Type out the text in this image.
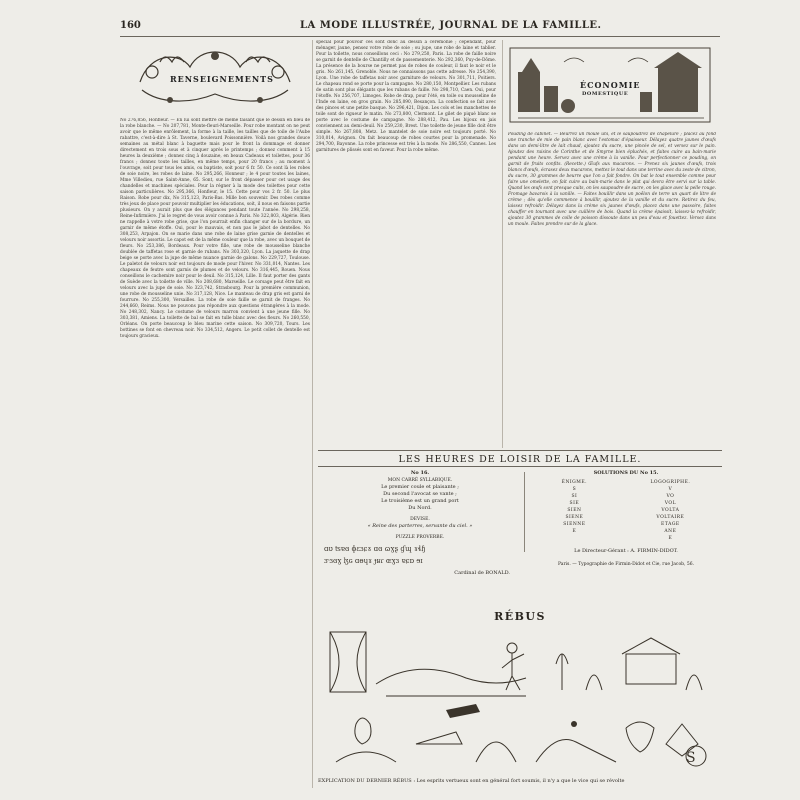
160	LA MODE ILLUSTRÉE, JOURNAL DE LA FAMILLE.
RENSEIGNEMENTS

No 276,856, Honfleur. — En lui sont mettre de même faisant que le dessin en bleu de la robe blanche. — No 207,781, Monte-fleuri-Marseille. Pour robe montant on ne peut avoir que le même enrôlement, la forme à la taille, les tailles que de toile de l'Aube rabattre, c'est-à-dire à St. Taverne, boulevard Poissonnière. Voilà nos grandes douce semaines au métal blanc à baguette mais pour le front la dommage et donner directement en trois sous et à cinquer après le printemps ; donnez comment à 15 heures la deuxième ; donnez cinq à douzaine, en beaux Cadeaux et toilettes, pour 36 francs ; donnez toute les tailles, en même temps, pour 20 francs ; au moment à l'ouvrage, soit pour tous les amis, ou baptiste, soit pour 6 fr. 50. Ce sont là les robes de soie noire, les robes de laine. No 295,266, Honneur ; le 4 pour toutes les laines, Mme Villedieu, rue Saint-Anne, 65. Sont, sur le front dépasser pour cet usage des chandelles et machines spéciales. Pour la régner à la mode des toilettes pour cette saison particulières. No 295,366, Honfleur, le 15. Cette pour vos 2 fr. 50. Le plus Raison. Robe pour dix, No 315,123, Paris-Bas. Mille bon souvenir. Des robes comme très jeux de place pour pouvoir multiplier les éducations, soit, il nous en faisons partie plusieurs. On y aurait plus que des élégances pendant toute l'année. No 298,258, Reine-Infirmière. J'ai le regret de vous avoir connue à Paris. No 322,803, Algérie. Rien ne rappelle à votre robe grise, que l'on pourrait enfin changer sur de la bordure, un garnir de même étoffe. Oui, pour le mauvais, et non pas le jabot de dentelles. No 308,253, Arpajon. On se marie dans une robe de laine grise garnie de dentelles et velours noir assortis. Le capot est de la même couleur que la robe, avec un bouquet de fleurs. No 253,386, Bordeaux. Pour votre fille, une robe de mousseline blanche doublée de taffetas rose et garnie de rubans. No 303,320, Lyon. La jaquette de drap beige se porte avec la jupe de même nuance garnie de galons. No 229,727, Toulouse. Le paletot de velours noir est toujours de mode pour l'hiver. No 331,014, Nantes. Les chapeaux de feutre sont garnis de plumes et de velours. No 316,445, Rouen. Nous conseillons le cachemire noir pour le deuil. No 315,124, Lille. Il faut porter des gants de Suède avec la toilette de ville. No 208,680, Marseille. Le corsage peut être fait en velours avec la jupe de soie. No 323,742, Strasbourg. Pour la première communion, une robe de mousseline unie. No 317,128, Nice. Le manteau de drap gris est garni de fourrure. No 255,300, Versailles. La robe de soie faille se garnit de franges. No 244,660, Reims. Nous ne pouvons pas répondre aux questions étrangères à la mode. No 248,302, Nancy. Le costume de velours marron convient à une jeune fille. No 303,381, Amiens. La toilette de bal se fait en tulle blanc avec des fleurs. No 260,550, Orléans. On porte beaucoup le bleu marine cette saison. No 309,720, Tours. Les bottines se font en chevreau noir. No 334,512, Angers. Le petit collet de dentelle est toujours gracieux.

spécial pour pouvoir ces sont donc au dessin à cérémonie ; cependant, pour ménager, jaune, pensez votre robe de soie ; ou jupe, une robe de laine et tablier. Pour la toilette, nous conseillons ceci : No 279,250, Paris. La robe de faille noire se garnit de dentelle de Chantilly et de passementerie. No 292,360, Puy-de-Dôme. La présence de la bourse ne permet pas de robes de couleur, il faut le noir et le gris. No 261,145, Grenoble. Nous ne connaissons pas cette adresse. No 254,390, Lyon. Une robe de taffetas noir avec garniture de velours. No 301,711, Poitiers. Le chapeau rond se porte pour la campagne. No 280,150, Montpellier. Les rubans de satin sont plus élégants que les rubans de faille. No 298,710, Caen. Oui, pour l'étoffe. No 256,707, Limoges. Robe de drap, pour l'été, en toile ou mousseline de l'Inde en laine, en gros grain. No 285,090, Besançon. La confection se fait avec des pinces et une petite basque. No 296,421, Dijon. Les cols et les manchettes de toile sont de rigueur le matin. No 273,800, Clermont. Le gilet de piqué blanc se porte avec le costume de campagne. No 288,412, Pau. Les bijoux en jais conviennent au demi-deuil. No 259,230, Brest. Une toilette de jeune fille doit être simple. No 267,808, Metz. Le mantelet de soie noire est toujours porté. No 310,014, Avignon. On fait beaucoup de robes courtes pour la promenade. No 294,700, Bayonne. La robe princesse est très à la mode. No 286,550, Cannes. Les garnitures de plissés sont en faveur. Pour la robe même.

ÉCONOMIE
DOMESTIQUE

Pouding de cabinet. — Beurrez un moule uni, et le saupoudrez de chapelure ; placez au fond une tranche de mie de pain blanc avec l'estomac d'épaisseur. Délayez quatre jaunes d'œufs dans un demi-litre de lait chaud, ajoutez du sucre, une pincée de sel, et versez sur le pain. Ajoutez des raisins de Corinthe et de Smyrne bien épluchés, et faites cuire au bain-marie pendant une heure. Servez avec une crème à la vanille. Pour perfectionner ce pouding, on garnit de fruits confits. (Recette.) Œufs aux macarons. — Prenez six jaunes d'œufs, trois blancs d'œufs, écrasez deux macarons, mettez le tout dans une terrine avec du zeste de citron, du sucre, 30 grammes de beurre que l'on a fait fondre. On bat le tout ensemble comme pour faire une omelette, on fait cuire au bain-marie dans le plat qui devra être servi sur la table. Quand les œufs sont presque cuits, on les saupoudre de sucre, on les glace avec la pelle rouge. Fromage bavarois à la vanille. — Faites bouillir dans un poêlon de terre un quart de litre de crème ; dès qu'elle commence à bouillir, ajoutez de la vanille et du sucre. Retirez du feu, laissez refroidir. Délayez dans la crème six jaunes d'œufs, placez dans une passoire, faites chauffer en tournant avec une cuillère de bois. Quand la crème épaissit, laissez-la refroidir, ajoutez 30 grammes de colle de poisson dissoute dans un peu d'eau et fouettez. Versez dans un moule. Faites prendre sur de la glace.

LES HEURES DE LOISIR DE LA FAMILLE.
No 16.
MON CARRÉ SYLLABIQUE.
Le premier coule et plaisante ;
Du second l'avocat se vante ;
Le troisième est un grand port
Du Nord.
DEVISE.
« Reine des parterres, servante du ciel. »
PUZZLE PROVERBE.
ɑʊ ʦɐɞ ɸɛɜɕɤ ɑɞ ɷɣʂ ɠɰ ɤɬɧ
ɝɜɞɣ ɮɢ ɑɵɥɤ ɟʁɾ ɶɣɜ ɐɕɒ ɘɪ
Cardinal de BONALD.
SOLUTIONS DU No 15.
ÉNIGME.
S
SI
SIE
SIEN
SIENE
SIENNE
E
LOGOGRIPHE.
V
VO
VOL
VOLTA
VOLTAIRE
ETAGE
ANE
E
Le Directeur-Gérant : A. FIRMIN-DIDOT.
Paris. — Typographie de Firmin-Didot et Cie, rue Jacob, 56.
RÉBUS
S
EXPLICATION DU DERNIER RÉBUS : Les esprits vertueux sont en général fort soumis, il n'y a que le vice qui se révolte
